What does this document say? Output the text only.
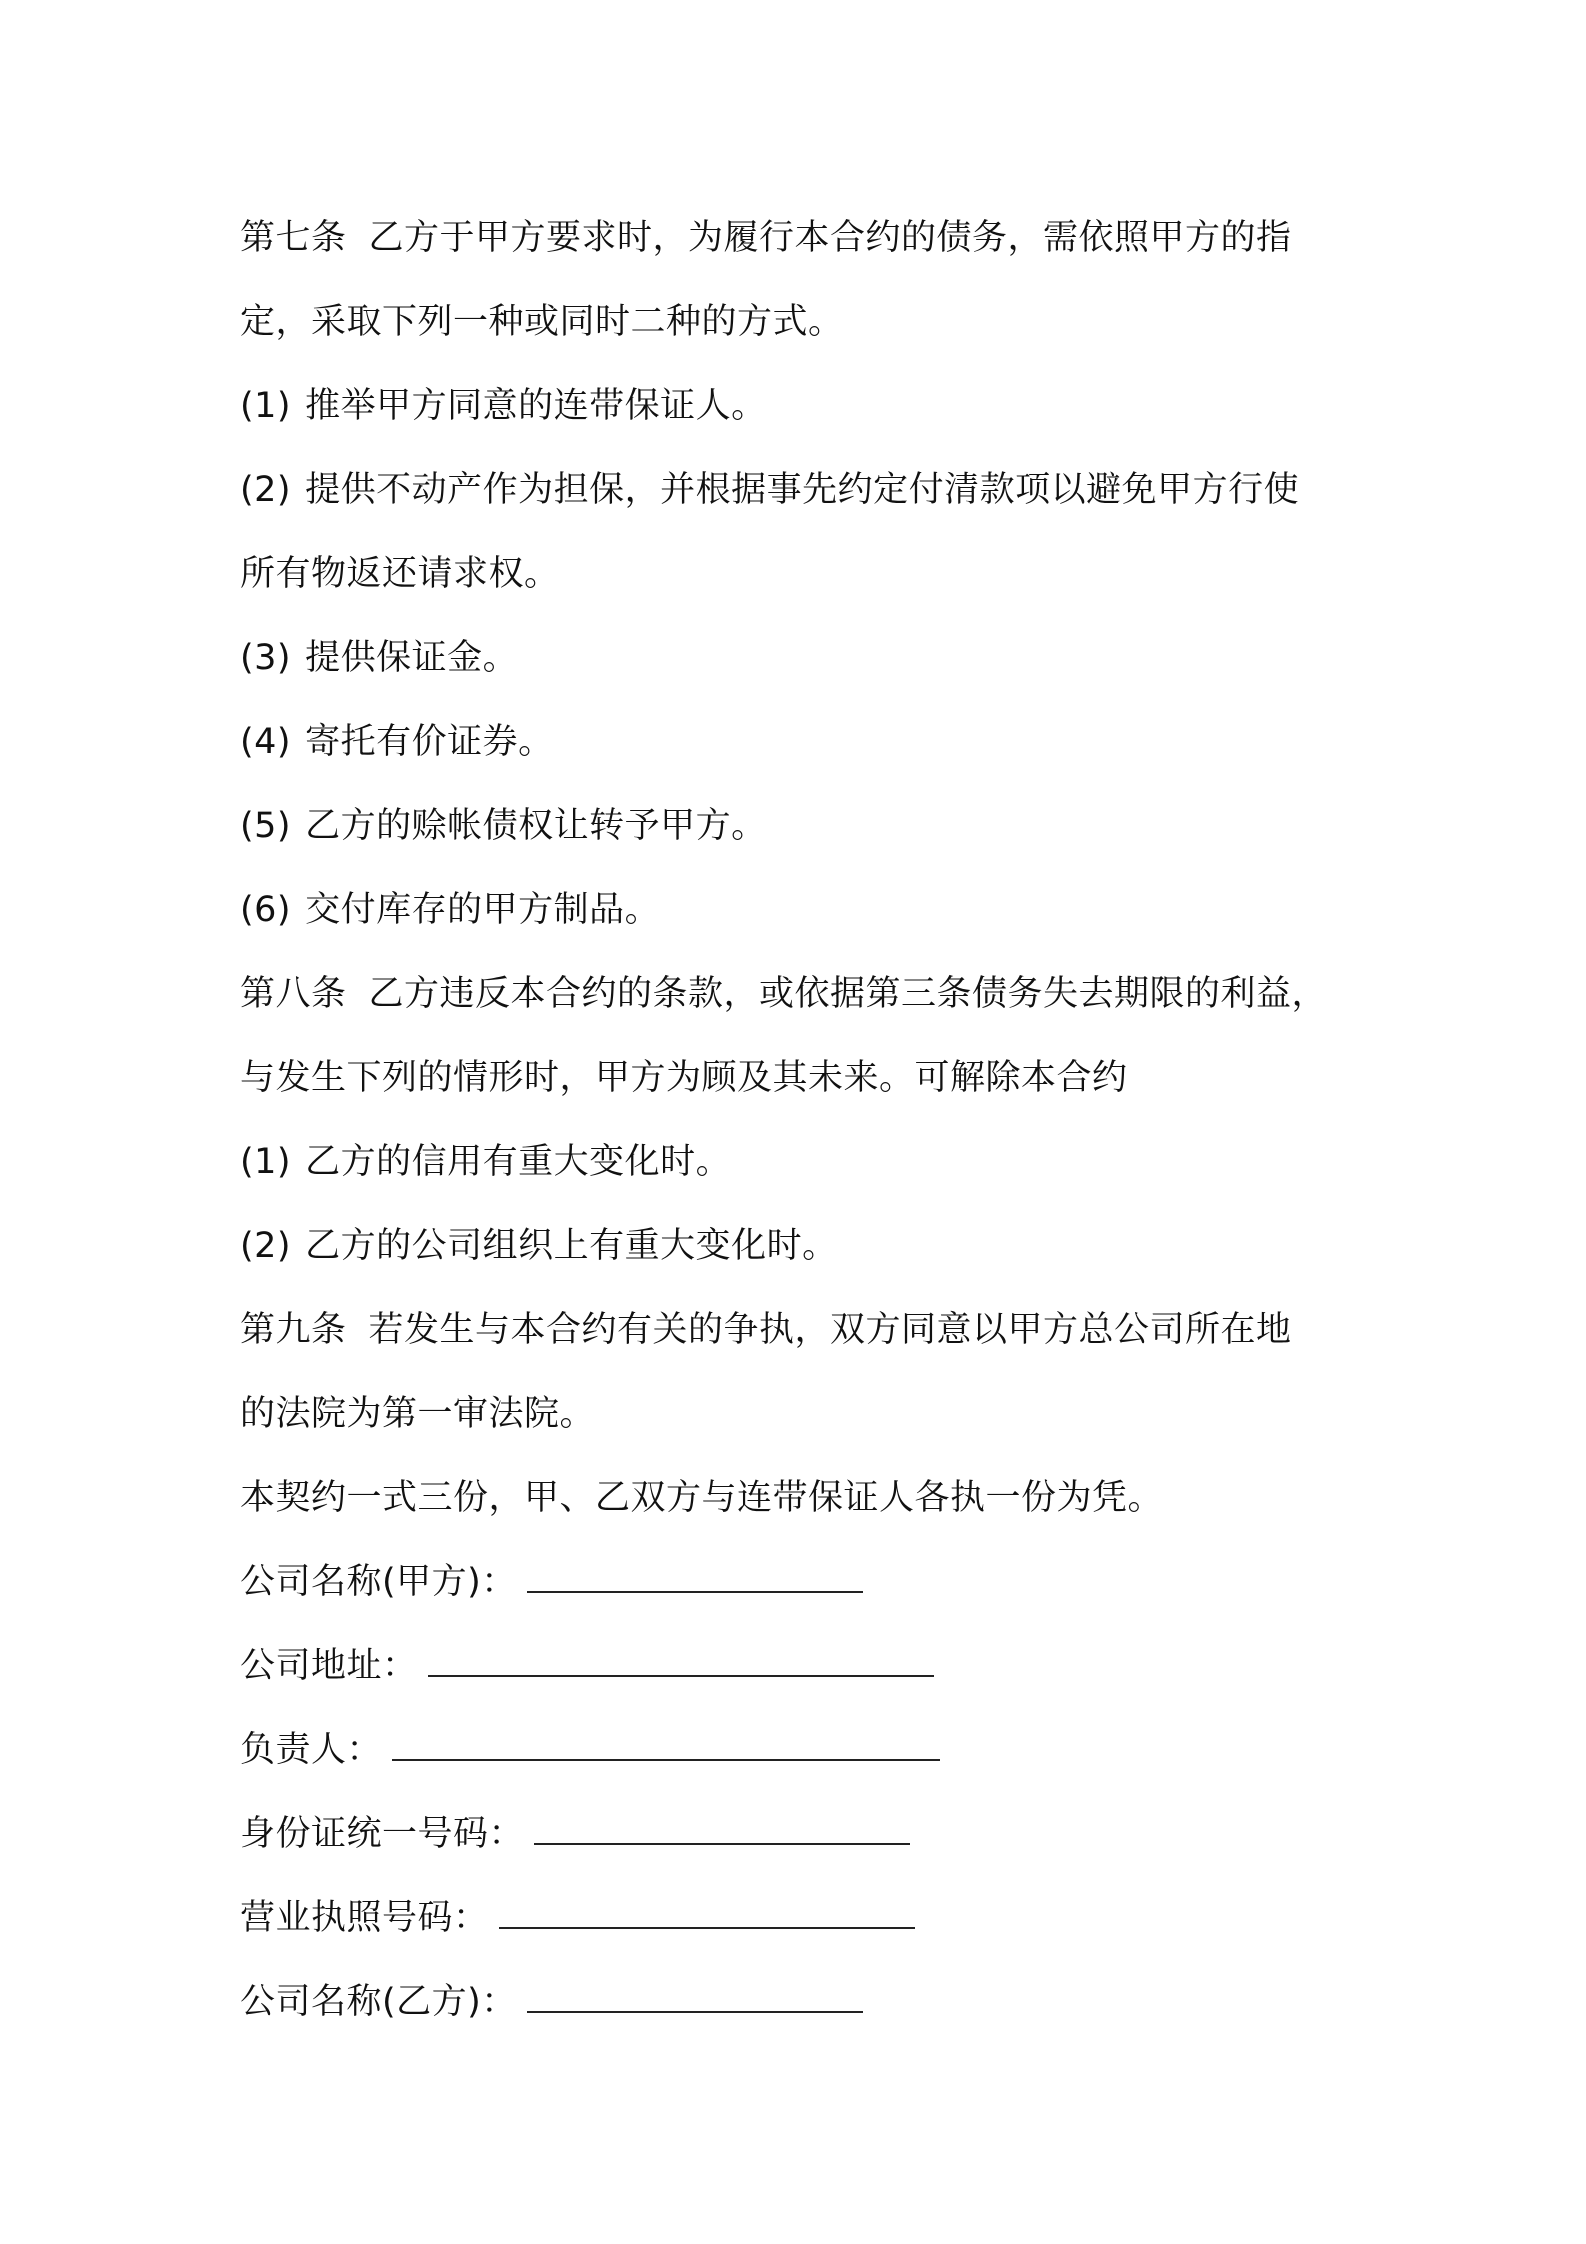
第七条 乙方于甲方要求时，为履行本合约的债务，需依照甲方的指
定，采取下列一种或同时二种的方式。
(1) 推举甲方同意的连带保证人。
(2) 提供不动产作为担保，并根据事先约定付清款项以避免甲方行使
所有物返还请求权。
(3) 提供保证金。
(4) 寄托有价证券。
(5) 乙方的赊帐债权让转予甲方。
(6) 交付库存的甲方制品。
第八条 乙方违反本合约的条款，或依据第三条债务失去期限的利益，
与发生下列的情形时，甲方为顾及其未来。可解除本合约
(1) 乙方的信用有重大变化时。
(2) 乙方的公司组织上有重大变化时。
第九条 若发生与本合约有关的争执，双方同意以甲方总公司所在地
的法院为第一审法院。
本契约一式三份，甲、乙双方与连带保证人各执一份为凭。
公司名称(甲方)：
公司地址：
负责人：
身份证统一号码：
营业执照号码：
公司名称(乙方)：
